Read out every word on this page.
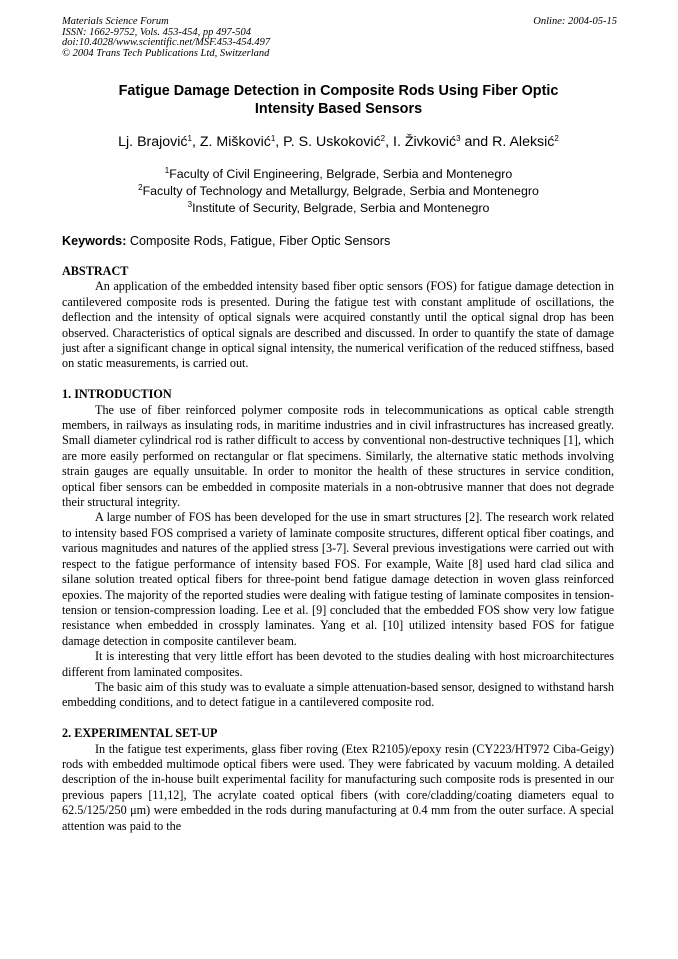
Materials Science Forum
ISSN: 1662-9752, Vols. 453-454, pp 497-504
doi:10.4028/www.scientific.net/MSF.453-454.497
© 2004 Trans Tech Publications Ltd, Switzerland
Online: 2004-05-15
Fatigue Damage Detection in Composite Rods Using Fiber Optic
Intensity Based Sensors
Lj. Brajović$^1$, Z. Mišković$^1$, P. S. Uskoković$^2$, I. Živković$^3$ and R. Aleksić$^2$
$^1$Faculty of Civil Engineering, Belgrade, Serbia and Montenegro
$^2$Faculty of Technology and Metallurgy, Belgrade, Serbia and Montenegro
$^3$Institute of Security, Belgrade, Serbia and Montenegro
Keywords: Composite Rods, Fatigue, Fiber Optic Sensors
ABSTRACT

An application of the embedded intensity based fiber optic sensors (FOS) for fatigue damage detection in cantilevered composite rods is presented. During the fatigue test with constant amplitude of oscillations, the deflection and the intensity of optical signals were acquired constantly until the optical signal drop has been observed. Characteristics of optical signals are described and discussed. In order to quantify the state of damage just after a significant change in optical signal intensity, the numerical verification of the reduced stiffness, based on static measurements, is carried out.

1. INTRODUCTION

The use of fiber reinforced polymer composite rods in telecommunications as optical cable strength members, in railways as insulating rods, in maritime industries and in civil infrastructures has increased greatly. Small diameter cylindrical rod is rather difficult to access by conventional non-destructive techniques [1], which are more easily performed on rectangular or flat specimens. Similarly, the alternative static methods involving strain gauges are equally unsuitable. In order to monitor the health of these structures in service condition, optical fiber sensors can be embedded in composite materials in a non-obtrusive manner that does not degrade their structural integrity.

A large number of FOS has been developed for the use in smart structures [2]. The research work related to intensity based FOS comprised a variety of laminate composite structures, different optical fiber coatings, and various magnitudes and natures of the applied stress [3-7]. Several previous investigations were carried out with respect to the fatigue performance of intensity based FOS. For example, Waite [8] used hard clad silica and silane solution treated optical fibers for three-point bend fatigue damage detection in woven glass reinforced epoxies. The majority of the reported studies were dealing with fatigue testing of laminate composites in tension-tension or tension-compression loading. Lee et al. [9] concluded that the embedded FOS show very low fatigue resistance when embedded in crossply laminates. Yang et al. [10] utilized intensity based FOS for fatigue damage detection in composite cantilever beam.

It is interesting that very little effort has been devoted to the studies dealing with host microarchitectures different from laminated composites.

The basic aim of this study was to evaluate a simple attenuation-based sensor, designed to withstand harsh embedding conditions, and to detect fatigue in a cantilevered composite rod.

2. EXPERIMENTAL SET-UP

In the fatigue test experiments, glass fiber roving (Etex R2105)/epoxy resin (CY223/HT972 Ciba-Geigy) rods with embedded multimode optical fibers were used. They were fabricated by vacuum molding. A detailed description of the in-house built experimental facility for manufacturing such composite rods is presented in our previous papers [11,12], The acrylate coated optical fibers (with core/cladding/coating diameters equal to 62.5/125/250 μm) were embedded in the rods during manufacturing at 0.4 mm from the outer surface. A special attention was paid to the
